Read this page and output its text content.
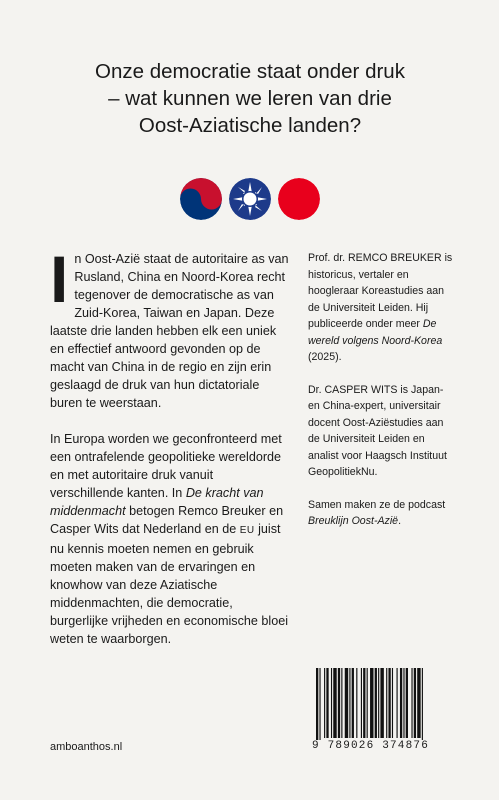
Onze democratie staat onder druk
– wat kunnen we leren van drie
Oost-Aziatische landen?
In Oost-Azië staat de autoritaire as van Rusland, China en Noord-Korea recht tegenover de democratische as van Zuid-Korea, Taiwan en Japan. Deze laatste drie landen hebben elk een uniek en effectief antwoord gevonden op de macht van China in de regio en zijn erin geslaagd de druk van hun dictatoriale buren te weerstaan.
In Europa worden we geconfronteerd met een ontrafelende geopolitieke wereldorde en met autoritaire druk vanuit verschillende kanten. In De kracht van middenmacht betogen Remco Breuker en Casper Wits dat Nederland en de EU juist nu kennis moeten nemen en gebruik moeten maken van de ervaringen en knowhow van deze Aziatische middenmachten, die democratie, burgerlijke vrijheden en economische bloei weten te waarborgen.
Prof. dr. REMCO BREUKER is historicus, vertaler en hoogleraar Koreastudies aan de Universiteit Leiden. Hij publiceerde onder meer De wereld volgens Noord-Korea (2025).
Dr. CASPER WITS is Japan- en China-expert, universitair docent Oost-Aziëstudies aan de Universiteit Leiden en analist voor Haagsch Instituut GeopolitiekNu.
Samen maken ze de podcast Breuklijn Oost-Azië.
amboanthos.nl	9 789026 374876
